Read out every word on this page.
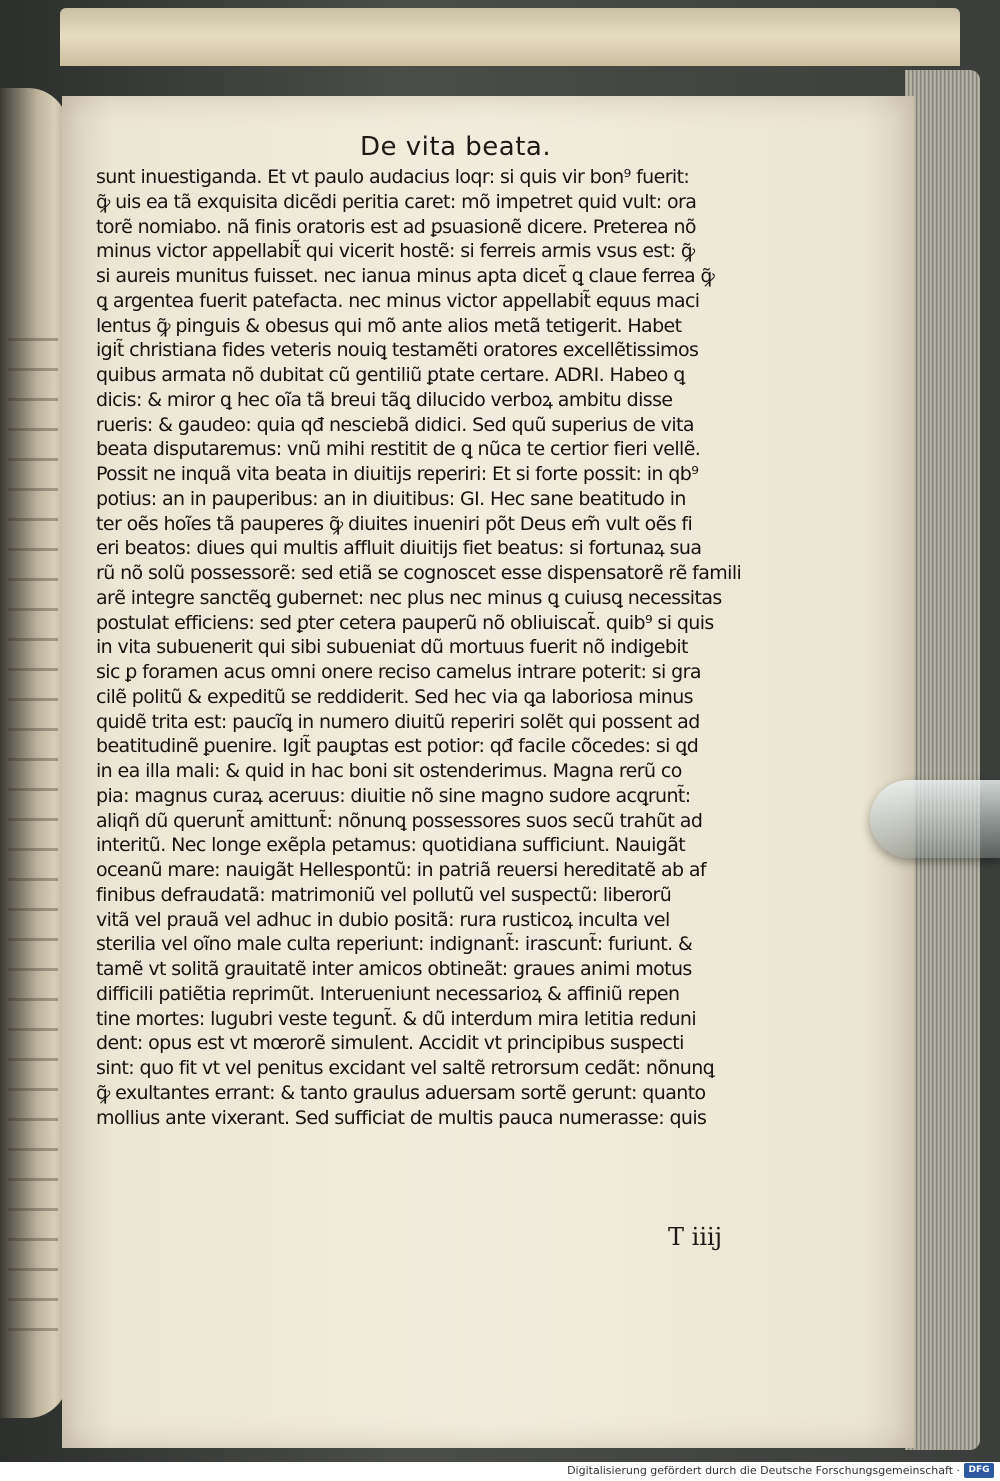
De vita beata.
sunt inuestiganda. Et vt paulo audacius loqr: si quis vir bon⁹ fuerit:
ꝙ̃ uis ea tã exquisita dicẽdi peritia caret: mõ impetret quid vult: ora
torẽ nomiabo. nã finis oratoris est ad ꝑsuasionẽ dicere. Preterea nõ
minus victor appellabit̃ qui vicerit hostẽ: si ferreis armis vsus est: ꝙ̃
si aureis munitus fuisset. nec ianua minus apta dicet̃ ꝗ claue ferrea ꝙ̃
ꝗ argentea fuerit patefacta. nec minus victor appellabit̃ equus maci
lentus ꝙ̃ pinguis & obesus qui mõ ante alios metã tetigerit. Habet
igit̃ christiana fides veteris nouiꝗ testamẽti oratores excellẽtissimos
quibus armata nõ dubitat cũ gentiliũ ꝑtate certare. ADRI. Habeo ꝗ
dicis: & miror ꝗ hec oĩa tã breui tãꝗ dilucido verboꝝ ambitu disse
rueris: & gaudeo: quia qđ nesciebã didici. Sed quũ superius de vita
beata disputaremus: vnũ mihi restitit de ꝗ nũca te certior fieri vellẽ.
Possit ne inquã vita beata in diuitijs reperiri: Et si forte possit: in qb⁹
potius: an in pauperibus: an in diuitibus: GI. Hec sane beatitudo in
ter oẽs hoĩes tã pauperes ꝙ̃ diuites inueniri põt Deus em̃ vult oẽs fi
eri beatos: diues qui multis affluit diuitijs fiet beatus: si fortunaꝝ sua
rũ nõ solũ possessorẽ: sed etiã se cognoscet esse dispensatorẽ rẽ famili
arẽ integre sanctẽꝗ gubernet: nec plus nec minus ꝗ cuiusꝗ necessitas
postulat efficiens: sed ꝑter cetera pauperũ nõ obliuiscat̃. quib⁹ si quis
in vita subuenerit qui sibi subueniat dũ mortuus fuerit nõ indigebit
sic ꝑ foramen acus omni onere reciso camelus intrare poterit: si gra
cilẽ politũ & expeditũ se reddiderit. Sed hec via ꝗa laboriosa minus
quidẽ trita est: paucĩꝗ in numero diuitũ reperiri solẽt qui possent ad
beatitudinẽ ꝑuenire. Igit̃ pauꝑtas est potior: qđ facile cõcedes: si ꝗd
in ea illa mali: & quid in hac boni sit ostenderimus. Magna rerũ co
pia: magnus curaꝝ aceruus: diuitie nõ sine magno sudore acꝗrunt̃:
aliqñ dũ querunt̃ amittunt̃: nõnunꝗ possessores suos secũ trahũt ad
interitũ. Nec longe exẽpla petamus: quotidiana sufficiunt. Nauigãt
oceanũ mare: nauigãt Hellespontũ: in patriã reuersi hereditatẽ ab af
finibus defraudatã: matrimoniũ vel pollutũ vel suspectũ: liberorũ
vitã vel prauã vel adhuc in dubio positã: rura rusticoꝝ inculta vel
sterilia vel oĩno male culta reperiunt: indignant̃: irascunt̃: furiunt. &
tamẽ vt solitã grauitatẽ inter amicos obtineãt: graues animi motus
difficili patiẽtia reprimũt. Interueniunt necessarioꝝ & affiniũ repen
tine mortes: lugubri veste tegunt̃. & dũ interdum mira letitia reduni
dent: opus est vt mœrorẽ simulent. Accidit vt principibus suspecti
sint: quo fit vt vel penitus excidant vel saltẽ retrorsum cedãt: nõnunꝗ
ꝙ̃ exultantes errant: & tanto graulus aduersam sortẽ gerunt: quanto
mollius ante vixerant. Sed sufficiat de multis pauca numerasse: quis
T iiij
Digitalisierung gefördert durch die Deutsche Forschungsgemeinschaft · DFG
